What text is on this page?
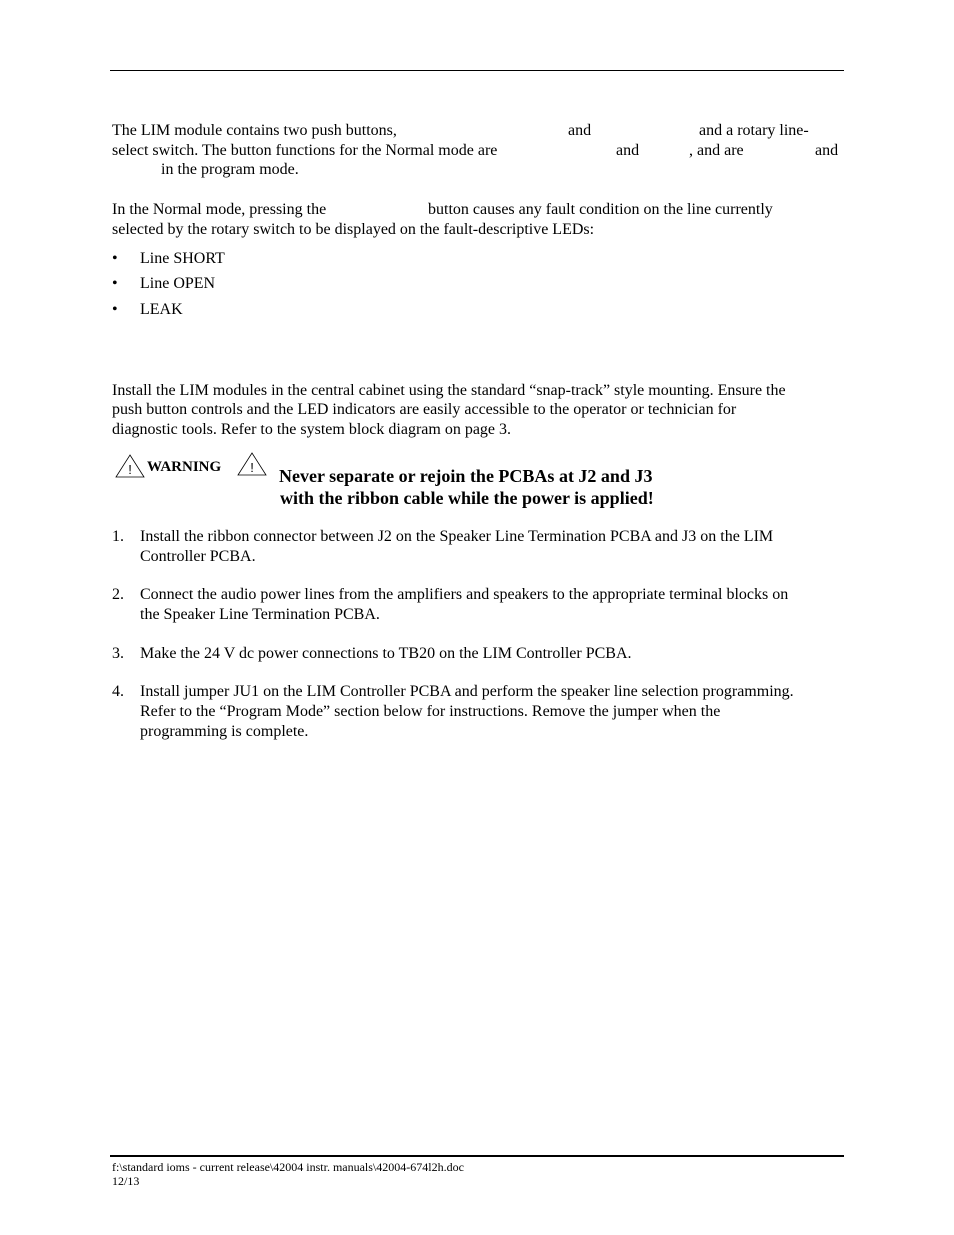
The LIM module contains two push buttons,	and	and a rotary line-
select switch. The button functions for the Normal mode are	and	, and are	and
in the program mode.
In the Normal mode, pressing the	button causes any fault condition on the line currently
selected by the rotary switch to be displayed on the fault-descriptive LEDs:
• Line SHORT
• Line OPEN
• LEAK
Install the LIM modules in the central cabinet using the standard “snap-track” style mounting. Ensure the
push button controls and the LED indicators are easily accessible to the operator or technician for
diagnostic tools. Refer to the system block diagram on page 3.
! WARNING ! Never separate or rejoin the PCBAs at J2 and J3
with the ribbon cable while the power is applied!
1. Install the ribbon connector between J2 on the Speaker Line Termination PCBA and J3 on the LIM
Controller PCBA.
2. Connect the audio power lines from the amplifiers and speakers to the appropriate terminal blocks on
the Speaker Line Termination PCBA.
3. Make the 24 V dc power connections to TB20 on the LIM Controller PCBA.
4. Install jumper JU1 on the LIM Controller PCBA and perform the speaker line selection programming.
Refer to the “Program Mode” section below for instructions. Remove the jumper when the
programming is complete.
f:\standard ioms - current release\42004 instr. manuals\42004-674l2h.doc
12/13
